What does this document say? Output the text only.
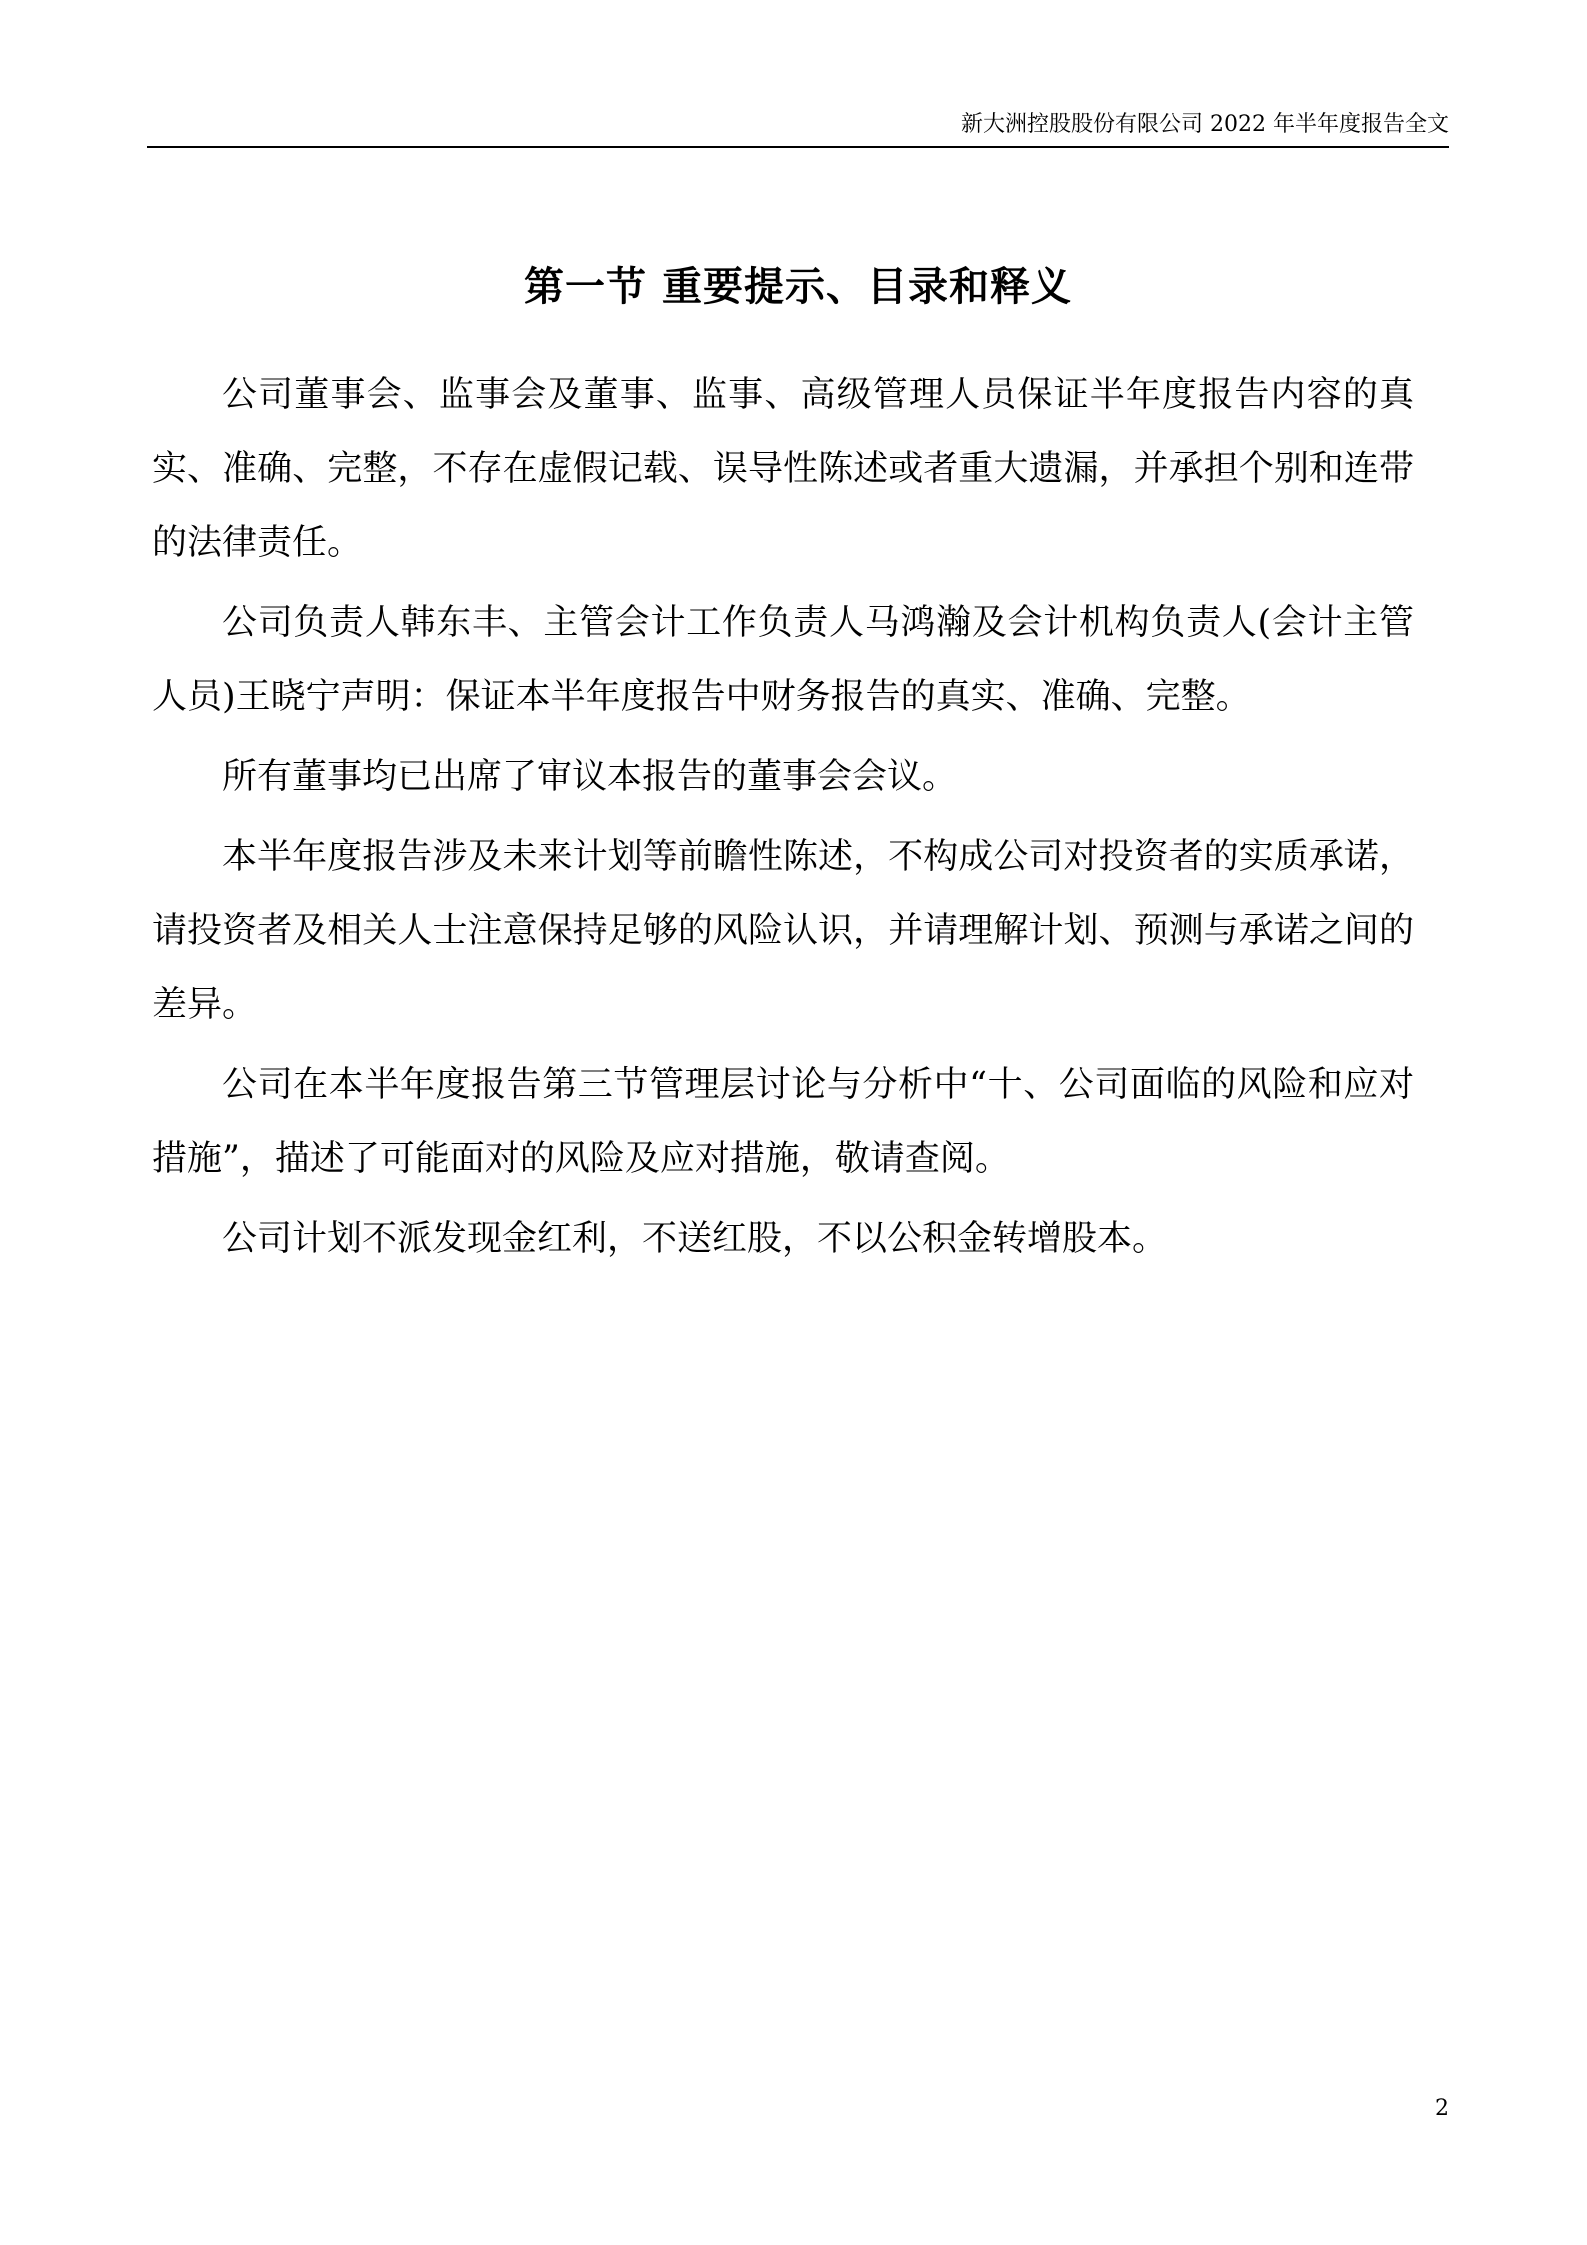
新大洲控股股份有限公司 2022 年半年度报告全文
第一节 重要提示、目录和释义

公司董事会、监事会及董事、监事、高级管理人员保证半年度报告内容的真实、准确、完整，不存在虚假记载、误导性陈述或者重大遗漏，并承担个别和连带的法律责任。

公司负责人韩东丰、主管会计工作负责人马鸿瀚及会计机构负责人(会计主管人员)王晓宁声明：保证本半年度报告中财务报告的真实、准确、完整。

所有董事均已出席了审议本报告的董事会会议。

本半年度报告涉及未来计划等前瞻性陈述，不构成公司对投资者的实质承诺，请投资者及相关人士注意保持足够的风险认识，并请理解计划、预测与承诺之间的差异。

公司在本半年度报告第三节管理层讨论与分析中“十、公司面临的风险和应对措施”，描述了可能面对的风险及应对措施，敬请查阅。

公司计划不派发现金红利，不送红股，不以公积金转增股本。

2
